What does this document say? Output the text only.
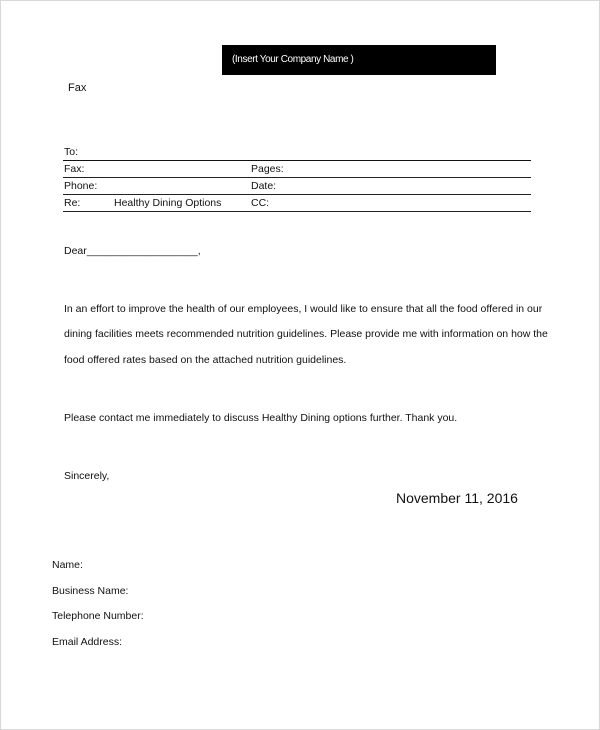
(Insert Your Company Name )
Fax
To:
Fax:	Pages:
Phone:	Date:
Re:	Healthy Dining Options	CC:
Dear___________________,
In an effort to improve the health of our employees, I would like to ensure that all the food offered in our
dining facilities meets recommended nutrition guidelines. Please provide me with information on how the
food offered rates based on the attached nutrition guidelines.
Please contact me immediately to discuss Healthy Dining options further. Thank you.
Sincerely,
November 11, 2016
Name:
Business Name:
Telephone Number:
Email Address:
